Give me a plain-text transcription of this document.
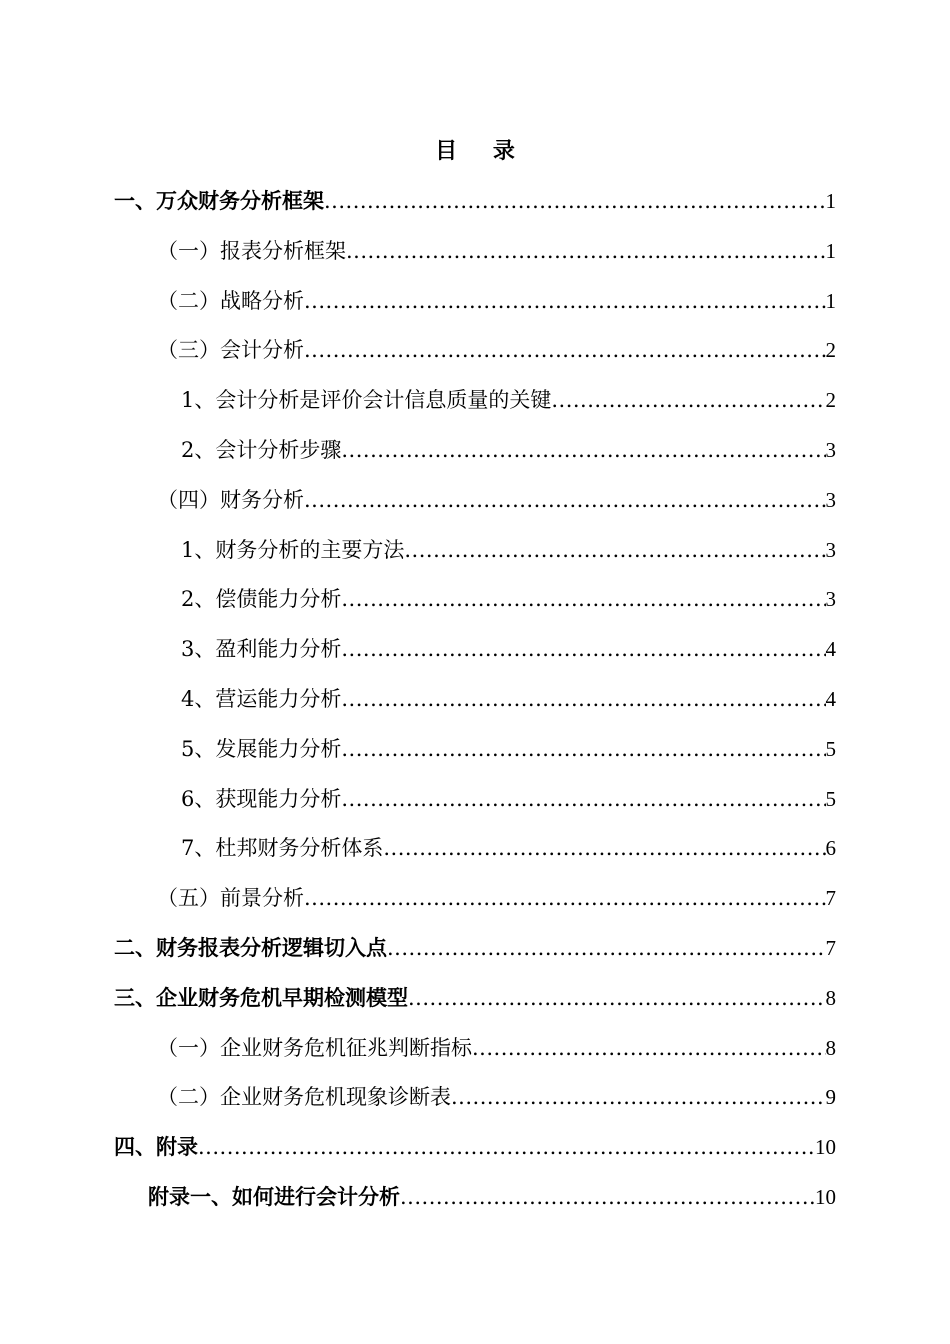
目 录
一、万众财务分析框架 .....	1
（一）报表分析框架 .....	1
（二）战略分析 .....	1
（三）会计分析 .....	2
1、会计分析是评价会计信息质量的关键 .....	2
2、会计分析步骤 .....	3
（四）财务分析 .....	3
1、财务分析的主要方法 .....	3
2、偿债能力分析 .....	3
3、盈利能力分析 .....	4
4、营运能力分析 .....	4
5、发展能力分析 .....	5
6、获现能力分析 .....	5
7、杜邦财务分析体系 .....	6
（五）前景分析 .....	7
二、财务报表分析逻辑切入点 .....	7
三、企业财务危机早期检测模型 .....	8
（一）企业财务危机征兆判断指标 .....	8
（二）企业财务危机现象诊断表 .....	9
四、附录 .....	10
附录一、如何进行会计分析 .....	10
